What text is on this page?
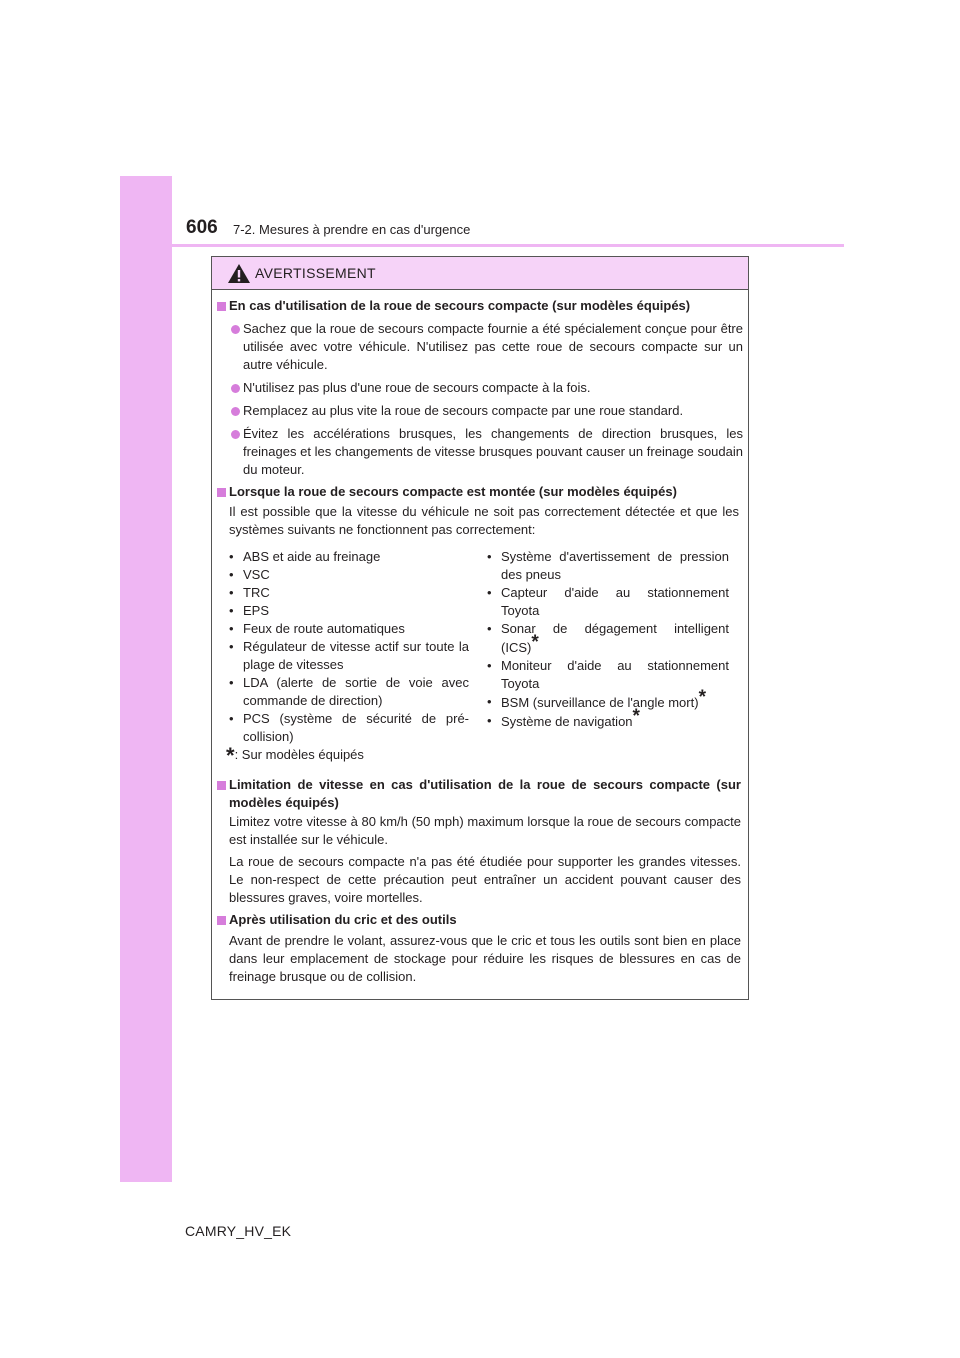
606 7-2. Mesures à prendre en cas d'urgence
AVERTISSEMENT
En cas d'utilisation de la roue de secours compacte (sur modèles équipés)
Sachez que la roue de secours compacte fournie a été spécialement conçue pour être utilisée avec votre véhicule. N'utilisez pas cette roue de secours compacte sur un autre véhicule.
N'utilisez pas plus d'une roue de secours compacte à la fois.
Remplacez au plus vite la roue de secours compacte par une roue standard.
Évitez les accélérations brusques, les changements de direction brusques, les freinages et les changements de vitesse brusques pouvant causer un freinage soudain du moteur.
Lorsque la roue de secours compacte est montée (sur modèles équipés)
Il est possible que la vitesse du véhicule ne soit pas correctement détectée et que les systèmes suivants ne fonctionnent pas correctement:
• ABS et aide au freinage
• VSC
• TRC
• EPS
• Feux de route automatiques
• Régulateur de vitesse actif sur toute la plage de vitesses
• LDA (alerte de sortie de voie avec commande de direction)
• PCS (système de sécurité de pré-collision)
• Système d'avertissement de pression des pneus
• Capteur d'aide au stationnement Toyota
• Sonar de dégagement intelligent (ICS)*
• Moniteur d'aide au stationnement Toyota
• BSM (surveillance de l'angle mort)*
• Système de navigation*
*: Sur modèles équipés
Limitation de vitesse en cas d'utilisation de la roue de secours compacte (sur modèles équipés)
Limitez votre vitesse à 80 km/h (50 mph) maximum lorsque la roue de secours compacte est installée sur le véhicule.
La roue de secours compacte n'a pas été étudiée pour supporter les grandes vitesses. Le non-respect de cette précaution peut entraîner un accident pouvant causer des blessures graves, voire mortelles.
Après utilisation du cric et des outils
Avant de prendre le volant, assurez-vous que le cric et tous les outils sont bien en place dans leur emplacement de stockage pour réduire les risques de blessures en cas de freinage brusque ou de collision.
CAMRY_HV_EK
